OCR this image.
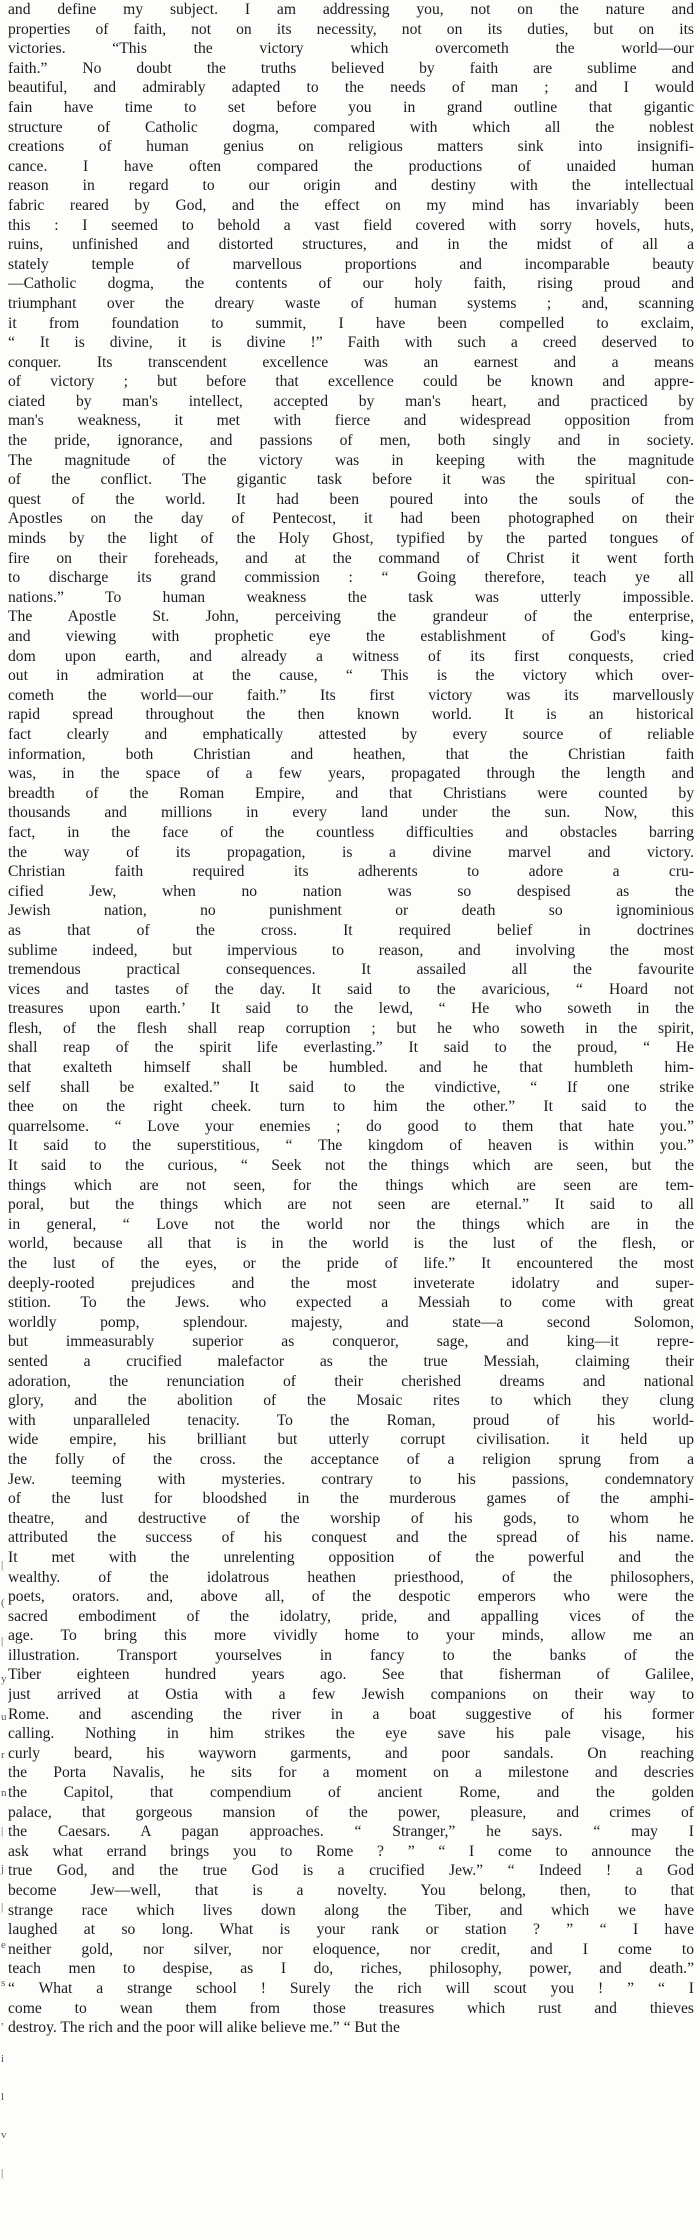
|
(
|
y
u
r
n
|
j
|
e
s
,
i
l
v
|
and define my subject. I am addressing you, not on the nature and
properties of faith, not on its necessity, not on its duties, but on its
victories. “This the victory which overcometh the world—our
faith.” No doubt the truths believed by faith are sublime and
beautiful, and admirably adapted to the needs of man ; and I would
fain have time to set before you in grand outline that gigantic
structure of Catholic dogma, compared with which all the noblest
creations of human genius on religious matters sink into insignifi-
cance. I have often compared the productions of unaided human
reason in regard to our origin and destiny with the intellectual
fabric reared by God, and the effect on my mind has invariably been
this : I seemed to behold a vast field covered with sorry hovels, huts,
ruins, unfinished and distorted structures, and in the midst of all a
stately temple of marvellous proportions and incomparable beauty
—Catholic dogma, the contents of our holy faith, rising proud and
triumphant over the dreary waste of human systems ; and, scanning
it from foundation to summit, I have been compelled to exclaim,
“ It is divine, it is divine !” Faith with such a creed deserved to
conquer. Its transcendent excellence was an earnest and a means
of victory ; but before that excellence could be known and appre-
ciated by man's intellect, accepted by man's heart, and practiced by
man's weakness, it met with fierce and widespread opposition from
the pride, ignorance, and passions of men, both singly and in society.
The magnitude of the victory was in keeping with the magnitude
of the conflict. The gigantic task before it was the spiritual con-
quest of the world. It had been poured into the souls of the
Apostles on the day of Pentecost, it had been photographed on their
minds by the light of the Holy Ghost, typified by the parted tongues of
fire on their foreheads, and at the command of Christ it went forth
to discharge its grand commission : “ Going therefore, teach ye all
nations.” To human weakness the task was utterly impossible.
The Apostle St. John, perceiving the grandeur of the enterprise,
and viewing with prophetic eye the establishment of God's king-
dom upon earth, and already a witness of its first conquests, cried
out in admiration at the cause, “ This is the victory which over-
cometh the world—our faith.” Its first victory was its marvellously
rapid spread throughout the then known world. It is an historical
fact clearly and emphatically attested by every source of reliable
information, both Christian and heathen, that the Christian faith
was, in the space of a few years, propagated through the length and
breadth of the Roman Empire, and that Christians were counted by
thousands and millions in every land under the sun. Now, this
fact, in the face of the countless difficulties and obstacles barring
the way of its propagation, is a divine marvel and victory.
Christian faith required its adherents to adore a cru-
cified Jew, when no nation was so despised as the
Jewish nation, no punishment or death so ignominious
as that of the cross. It required belief in doctrines
sublime indeed, but impervious to reason, and involving the most
tremendous practical consequences. It assailed all the favourite
vices and tastes of the day. It said to the avaricious, “ Hoard not
treasures upon earth.’ It said to the lewd, “ He who soweth in the
flesh, of the flesh shall reap corruption ; but he who soweth in the spirit,
shall reap of the spirit life everlasting.” It said to the proud, “ He
that exalteth himself shall be humbled. and he that humbleth him-
self shall be exalted.” It said to the vindictive, “ If one strike
thee on the right cheek. turn to him the other.” It said to the
quarrelsome. “ Love your enemies ; do good to them that hate you.”
It said to the superstitious, “ The kingdom of heaven is within you.”
It said to the curious, “ Seek not the things which are seen, but the
things which are not seen, for the things which are seen are tem-
poral, but the things which are not seen are eternal.” It said to all
in general, “ Love not the world nor the things which are in the
world, because all that is in the world is the lust of the flesh, or
the lust of the eyes, or the pride of life.” It encountered the most
deeply-rooted prejudices and the most inveterate idolatry and super-
stition. To the Jews. who expected a Messiah to come with great
worldly pomp, splendour. majesty, and state—a second Solomon,
but immeasurably superior as conqueror, sage, and king—it repre-
sented a crucified malefactor as the true Messiah, claiming their
adoration, the renunciation of their cherished dreams and national
glory, and the abolition of the Mosaic rites to which they clung
with unparalleled tenacity. To the Roman, proud of his world-
wide empire, his brilliant but utterly corrupt civilisation. it held up
the folly of the cross. the acceptance of a religion sprung from a
Jew. teeming with mysteries. contrary to his passions, condemnatory
of the lust for bloodshed in the murderous games of the amphi-
theatre, and destructive of the worship of his gods, to whom he
attributed the success of his conquest and the spread of his name.
It met with the unrelenting opposition of the powerful and the
wealthy. of the idolatrous heathen priesthood, of the philosophers,
poets, orators. and, above all, of the despotic emperors who were the
sacred embodiment of the idolatry, pride, and appalling vices of the
age. To bring this more vividly home to your minds, allow me an
illustration. Transport yourselves in fancy to the banks of the
Tiber eighteen hundred years ago. See that fisherman of Galilee,
just arrived at Ostia with a few Jewish companions on their way to
Rome. and ascending the river in a boat suggestive of his former
calling. Nothing in him strikes the eye save his pale visage, his
curly beard, his wayworn garments, and poor sandals. On reaching
the Porta Navalis, he sits for a moment on a milestone and descries
the Capitol, that compendium of ancient Rome, and the golden
palace, that gorgeous mansion of the power, pleasure, and crimes of
the Caesars. A pagan approaches. “ Stranger,” he says. “ may I
ask what errand brings you to Rome ? ” “ I come to announce the
true God, and the true God is a crucified Jew.” “ Indeed ! a God
become Jew—well, that is a novelty. You belong, then, to that
strange race which lives down along the Tiber, and which we have
laughed at so long. What is your rank or station ? ” “ I have
neither gold, nor silver, nor eloquence, nor credit, and I come to
teach men to despise, as I do, riches, philosophy, power, and death.”
“ What a strange school ! Surely the rich will scout you ! ” “ I
come to wean them from those treasures which rust and thieves
destroy. The rich and the poor will alike believe me.” “ But the
